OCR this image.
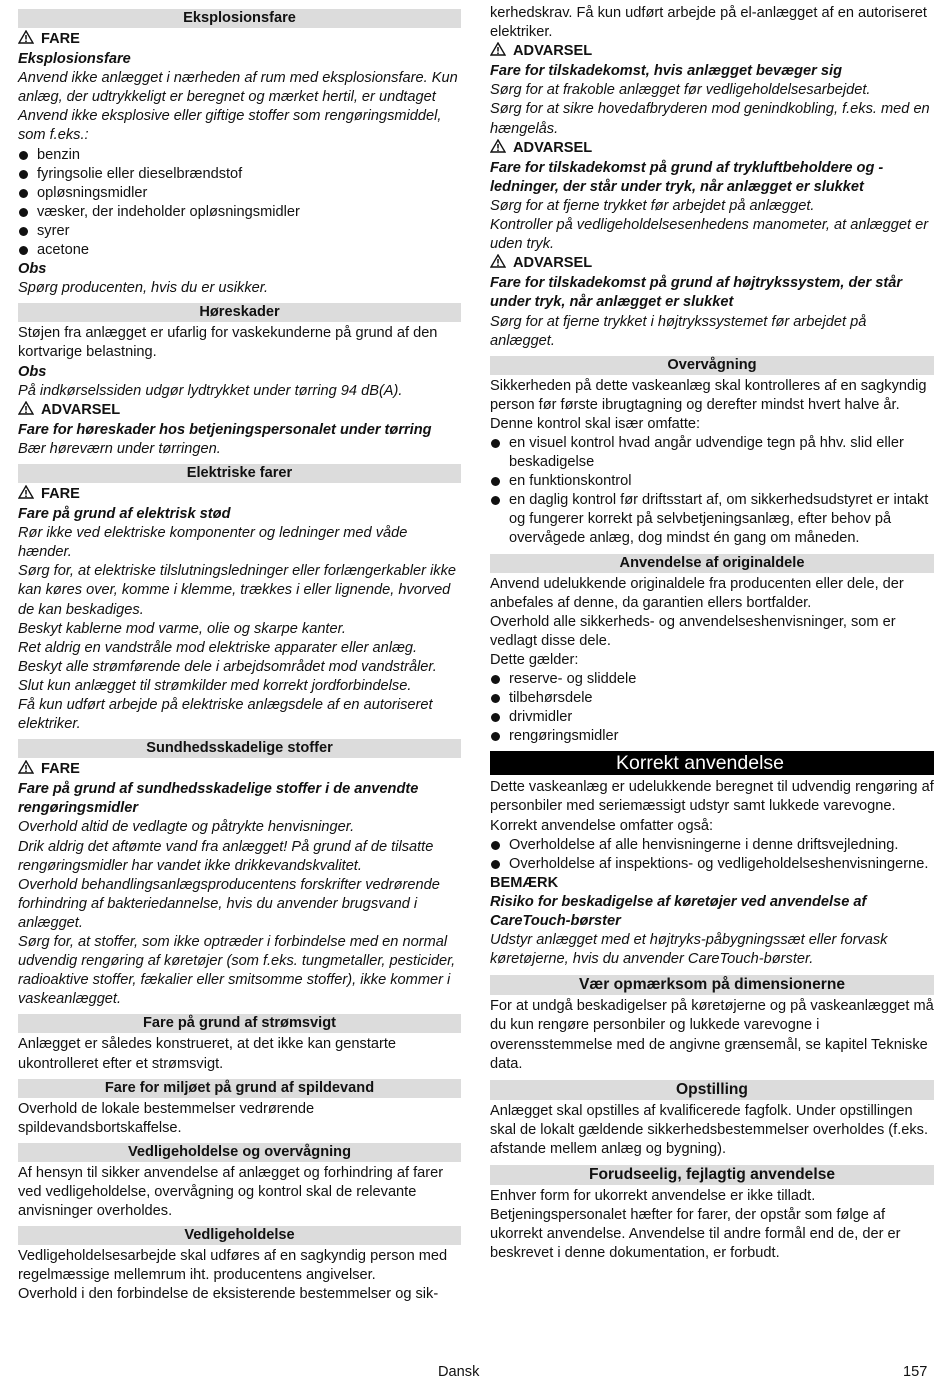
Eksplosionsfare

FARE

Eksplosionsfare

Anvend ikke anlægget i nærheden af rum med eksplosionsfare. Kun anlæg, der udtrykkeligt er beregnet og mærket hertil, er undtaget

Anvend ikke eksplosive eller giftige stoffer som rengøringsmiddel, som f.eks.:

benzin

fyringsolie eller dieselbrændstof

opløsningsmidler

væsker, der indeholder opløsningsmidler

syrer

acetone

Obs

Spørg producenten, hvis du er usikker.

Høreskader

Støjen fra anlægget er ufarlig for vaskekunderne på grund af den kortvarige belastning.

Obs

På indkørselssiden udgør lydtrykket under tørring 94 dB(A).

ADVARSEL

Fare for høreskader hos betjeningspersonalet under tørring

Bær høreværn under tørringen.

Elektriske farer

FARE

Fare på grund af elektrisk stød

Rør ikke ved elektriske komponenter og ledninger med våde hænder.

Sørg for, at elektriske tilslutningsledninger eller forlængerkabler ikke kan køres over, komme i klemme, trækkes i eller lignende, hvorved de kan beskadiges.

Beskyt kablerne mod varme, olie og skarpe kanter.

Ret aldrig en vandstråle mod elektriske apparater eller anlæg.

Beskyt alle strømførende dele i arbejdsområdet mod vandstråler.

Slut kun anlægget til strømkilder med korrekt jordforbindelse.

Få kun udført arbejde på elektriske anlægsdele af en autoriseret elektriker.

Sundhedsskadelige stoffer

FARE

Fare på grund af sundhedsskadelige stoffer i de anvendte rengøringsmidler

Overhold altid de vedlagte og påtrykte henvisninger.

Drik aldrig det aftømte vand fra anlægget! På grund af de tilsatte rengøringsmidler har vandet ikke drikkevandskvalitet.

Overhold behandlingsanlægsproducentens forskrifter vedrørende forhindring af bakteriedannelse, hvis du anvender brugsvand i anlægget.

Sørg for, at stoffer, som ikke optræder i forbindelse med en normal udvendig rengøring af køretøjer (som f.eks. tungmetaller, pesticider, radioaktive stoffer, fækalier eller smitsomme stoffer), ikke kommer i vaskeanlægget.

Fare på grund af strømsvigt

Anlægget er således konstrueret, at det ikke kan genstarte ukontrolleret efter et strømsvigt.

Fare for miljøet på grund af spildevand

Overhold de lokale bestemmelser vedrørende spildevandsbortskaffelse.

Vedligeholdelse og overvågning

Af hensyn til sikker anvendelse af anlægget og forhindring af farer ved vedligeholdelse, overvågning og kontrol skal de relevante anvisninger overholdes.

Vedligeholdelse

Vedligeholdelsesarbejde skal udføres af en sagkyndig person med regelmæssige mellemrum iht. producentens angivelser.

Overhold i den forbindelse de eksisterende bestemmelser og sik-

kerhedskrav. Få kun udført arbejde på el-anlægget af en autoriseret elektriker.

ADVARSEL

Fare for tilskadekomst, hvis anlægget bevæger sig

Sørg for at frakoble anlægget før vedligeholdelsesarbejdet.

Sørg for at sikre hovedafbryderen mod genindkobling, f.eks. med en hængelås.

ADVARSEL

Fare for tilskadekomst på grund af trykluftbeholdere og -ledninger, der står under tryk, når anlægget er slukket

Sørg for at fjerne trykket før arbejdet på anlægget.

Kontroller på vedligeholdelsesenhedens manometer, at anlægget er uden tryk.

ADVARSEL

Fare for tilskadekomst på grund af højtrykssystem, der står under tryk, når anlægget er slukket

Sørg for at fjerne trykket i højtrykssystemet før arbejdet på anlægget.

Overvågning

Sikkerheden på dette vaskeanlæg skal kontrolleres af en sagkyndig person før første ibrugtagning og derefter mindst hvert halve år.

Denne kontrol skal især omfatte:

en visuel kontrol hvad angår udvendige tegn på hhv. slid eller beskadigelse

en funktionskontrol

en daglig kontrol før driftsstart af, om sikkerhedsudstyret er intakt og fungerer korrekt på selvbetjeningsanlæg, efter behov på overvågede anlæg, dog mindst én gang om måneden.

Anvendelse af originaldele

Anvend udelukkende originaldele fra producenten eller dele, der anbefales af denne, da garantien ellers bortfalder.

Overhold alle sikkerheds- og anvendelseshenvisninger, som er vedlagt disse dele.

Dette gælder:

reserve- og sliddele

tilbehørsdele

drivmidler

rengøringsmidler

Korrekt anvendelse

Dette vaskeanlæg er udelukkende beregnet til udvendig rengøring af personbiler med seriemæssigt udstyr samt lukkede varevogne.

Korrekt anvendelse omfatter også:

Overholdelse af alle henvisningerne i denne driftsvejledning.

Overholdelse af inspektions- og vedligeholdelseshenvisningerne.

BEMÆRK

Risiko for beskadigelse af køretøjer ved anvendelse af CareTouch-børster

Udstyr anlægget med et højtryks-påbygningssæt eller forvask køretøjerne, hvis du anvender CareTouch-børster.

Vær opmærksom på dimensionerne

For at undgå beskadigelser på køretøjerne og på vaskeanlægget må du kun rengøre personbiler og lukkede varevogne i overensstemmelse med de angivne grænsemål, se kapitel Tekniske data.

Opstilling

Anlægget skal opstilles af kvalificerede fagfolk. Under opstillingen skal de lokalt gældende sikkerhedsbestemmelser overholdes (f.eks. afstande mellem anlæg og bygning).

Forudseelig, fejlagtig anvendelse

Enhver form for ukorrekt anvendelse er ikke tilladt.

Betjeningspersonalet hæfter for farer, der opstår som følge af ukorrekt anvendelse. Anvendelse til andre formål end de, der er beskrevet i denne dokumentation, er forbudt.

Dansk	157
